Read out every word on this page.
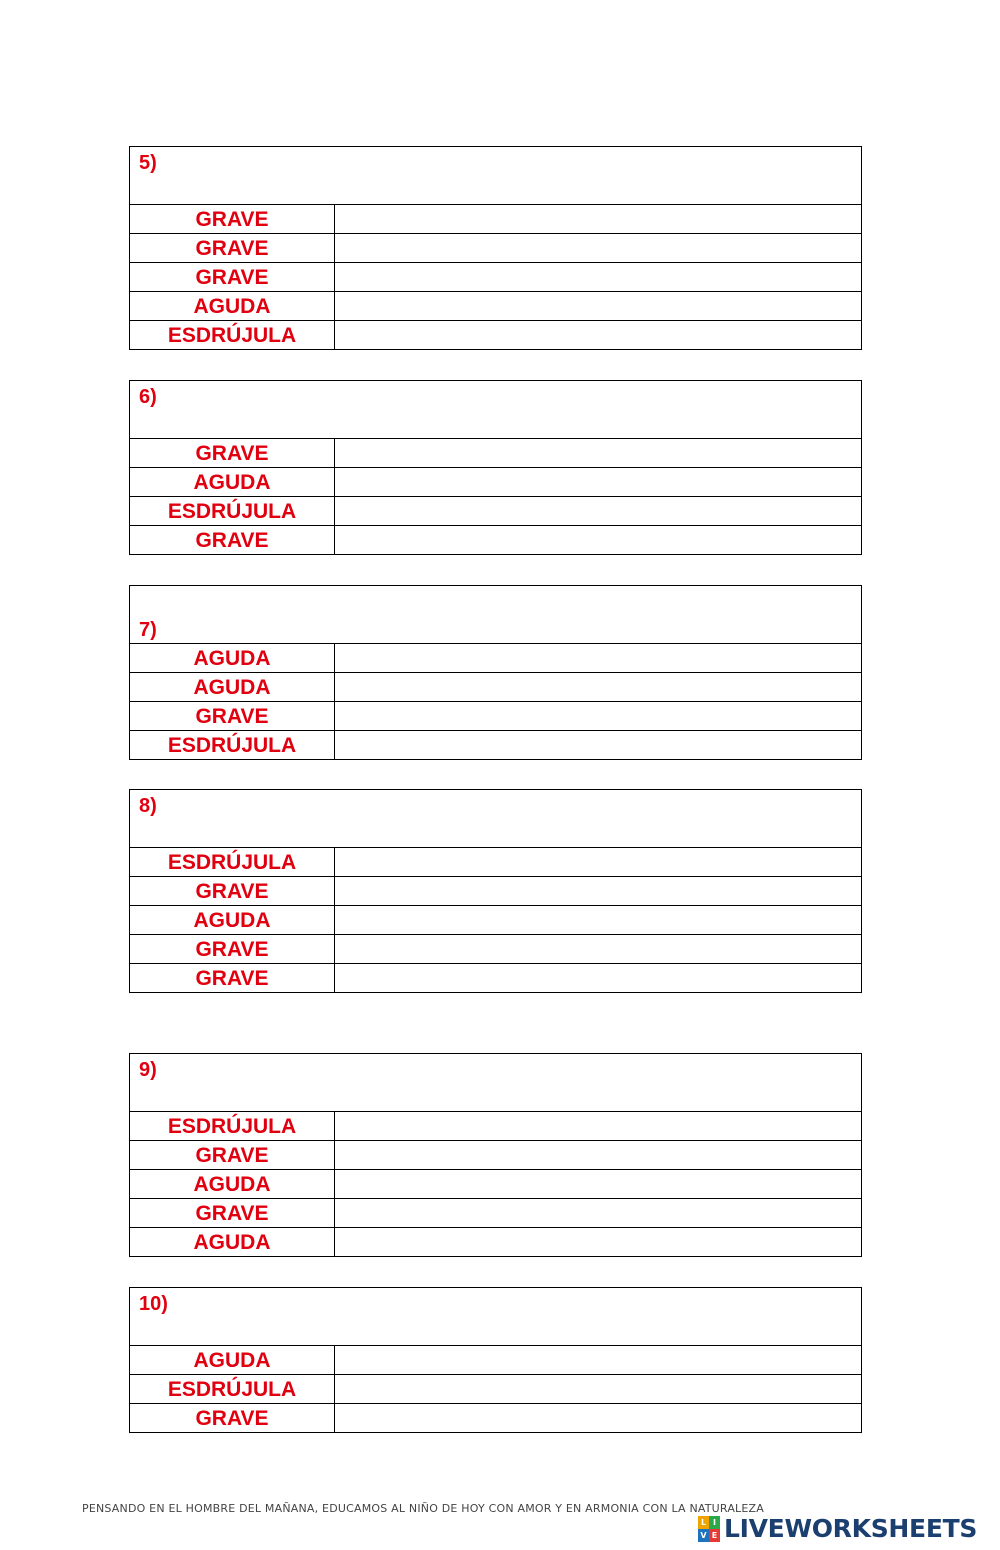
5)
GRAVE
GRAVE
GRAVE
AGUDA
ESDRÚJULA
6)
GRAVE
AGUDA
ESDRÚJULA
GRAVE
7)
AGUDA
AGUDA
GRAVE
ESDRÚJULA
8)
ESDRÚJULA
GRAVE
AGUDA
GRAVE
GRAVE
9)
ESDRÚJULA
GRAVE
AGUDA
GRAVE
AGUDA
10)
AGUDA
ESDRÚJULA
GRAVE
PENSANDO EN EL HOMBRE DEL MAÑANA, EDUCAMOS AL NIÑO DE HOY CON AMOR Y EN ARMONIA CON LA NATURALEZA
L I
V E LIVEWORKSHEETS
